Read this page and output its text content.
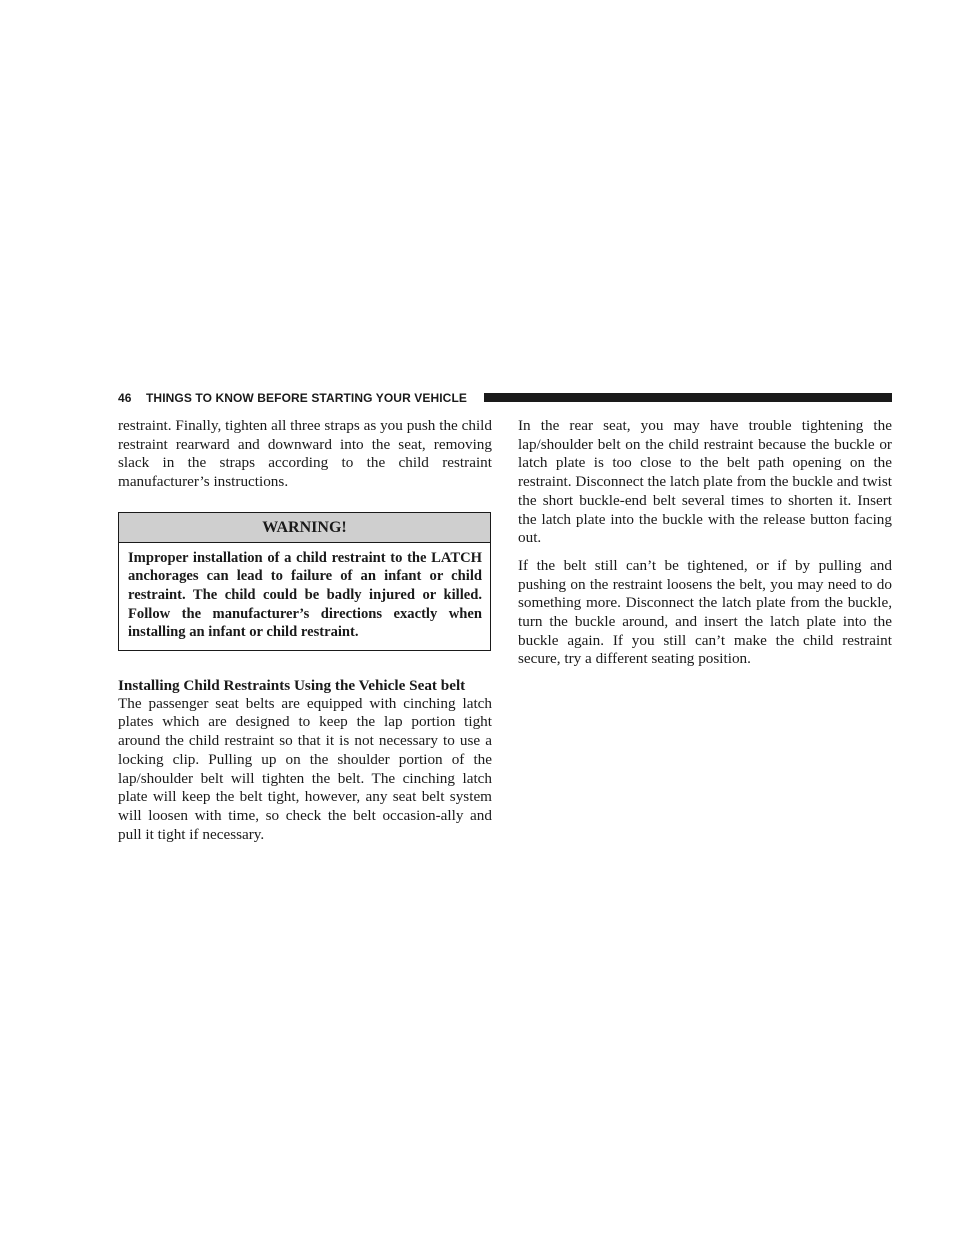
46 THINGS TO KNOW BEFORE STARTING YOUR VEHICLE

restraint. Finally, tighten all three straps as you push the child restraint rearward and downward into the seat, removing slack in the straps according to the child restraint manufacturer’s instructions.

WARNING!
Improper installation of a child restraint to the LATCH anchorages can lead to failure of an infant or child restraint. The child could be badly injured or killed. Follow the manufacturer’s directions exactly when installing an infant or child restraint.
Installing Child Restraints Using the Vehicle Seat belt

The passenger seat belts are equipped with cinching latch plates which are designed to keep the lap portion tight around the child restraint so that it is not necessary to use a locking clip. Pulling up on the shoulder portion of the lap/shoulder belt will tighten the belt. The cinching latch plate will keep the belt tight, however, any seat belt system will loosen with time, so check the belt occasion-ally and pull it tight if necessary.

In the rear seat, you may have trouble tightening the lap/shoulder belt on the child restraint because the buckle or latch plate is too close to the belt path opening on the restraint. Disconnect the latch plate from the buckle and twist the short buckle-end belt several times to shorten it. Insert the latch plate into the buckle with the release button facing out.

If the belt still can’t be tightened, or if by pulling and pushing on the restraint loosens the belt, you may need to do something more. Disconnect the latch plate from the buckle, turn the buckle around, and insert the latch plate into the buckle again. If you still can’t make the child restraint secure, try a different seating position.
